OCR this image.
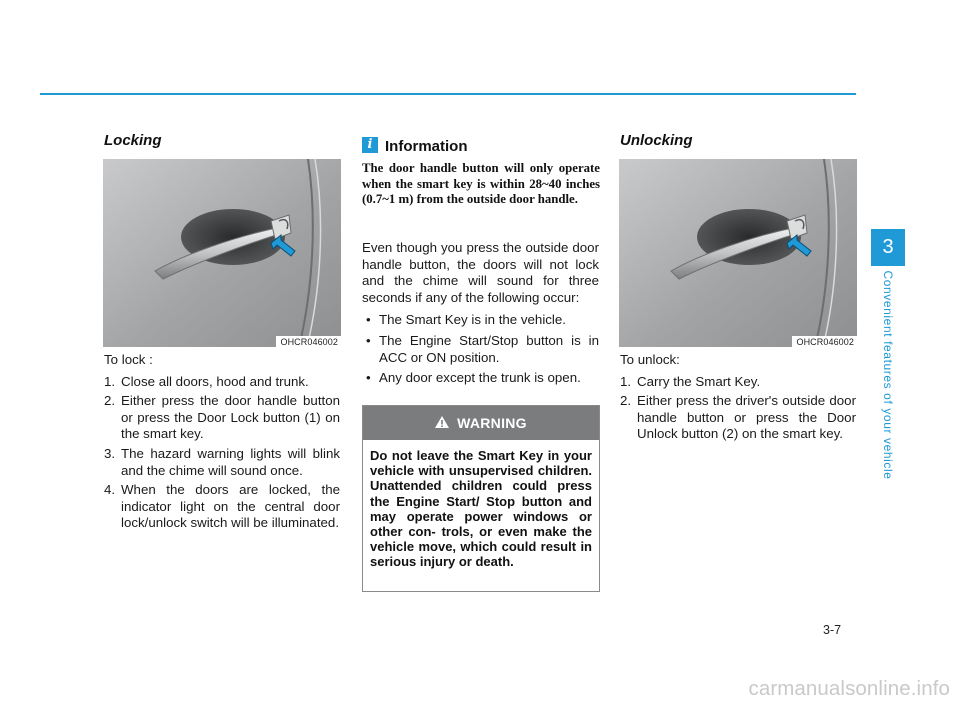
Locking
OHCR046002

To lock :

1. Close all doors, hood and trunk.
2. Either press the door handle button or press the Door Lock button (1) on the smart key.
3. The hazard warning lights will blink and the chime will sound once.
4. When the doors are locked, the indicator light on the central door lock/unlock switch will be illuminated.
i Information
The door handle button will only operate when the smart key is within 28~40 inches (0.7~1 m) from the outside door handle.

Even though you press the outside door handle button, the doors will not lock and the chime will sound for three seconds if any of the following occur:

• The Smart Key is in the vehicle.
• The Engine Start/Stop button is in ACC or ON position.
• Any door except the trunk is open.
WARNING
Do not leave the Smart Key in your vehicle with unsupervised children. Unattended children could press the Engine Start/ Stop button and may operate power windows or other con- trols, or even make the vehicle move, which could result in serious injury or death.
Unlocking
OHCR046002

To unlock:

1. Carry the Smart Key.
2. Either press the driver's outside door handle button or press the Door Unlock button (2) on the smart key.
3
Convenient features of your vehicle
3-7
carmanualsonline.info
